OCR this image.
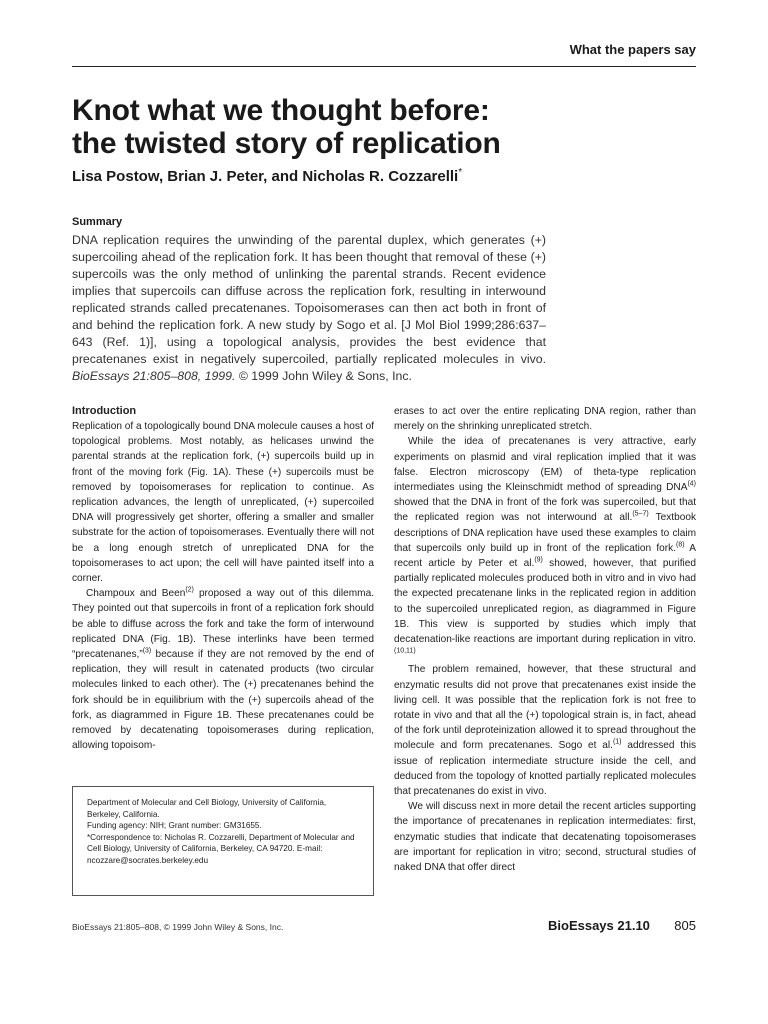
What the papers say
Knot what we thought before:
the twisted story of replication
Lisa Postow, Brian J. Peter, and Nicholas R. Cozzarelli*
Summary

DNA replication requires the unwinding of the parental duplex, which generates (+) supercoiling ahead of the replication fork. It has been thought that removal of these (+) supercoils was the only method of unlinking the parental strands. Recent evidence implies that supercoils can diffuse across the replication fork, resulting in interwound replicated strands called precatenanes. Topoisomerases can then act both in front of and behind the replication fork. A new study by Sogo et al. [J Mol Biol 1999;286:637–643 (Ref. 1)], using a topological analysis, provides the best evidence that precatenanes exist in negatively supercoiled, partially replicated molecules in vivo. BioEssays 21:805–808, 1999. © 1999 John Wiley & Sons, Inc.

Introduction

Replication of a topologically bound DNA molecule causes a host of topological problems. Most notably, as helicases unwind the parental strands at the replication fork, (+) supercoils build up in front of the moving fork (Fig. 1A). These (+) supercoils must be removed by topoisomerases for replication to continue. As replication advances, the length of unreplicated, (+) supercoiled DNA will progressively get shorter, offering a smaller and smaller substrate for the action of topoisomerases. Eventually there will not be a long enough stretch of unreplicated DNA for the topoisomerases to act upon; the cell will have painted itself into a corner.

Champoux and Been$^{(2)}$ proposed a way out of this dilemma. They pointed out that supercoils in front of a replication fork should be able to diffuse across the fork and take the form of interwound replicated DNA (Fig. 1B). These interlinks have been termed “precatenanes,”$^{(3)}$ because if they are not removed by the end of replication, they will result in catenated products (two circular molecules linked to each other). The (+) precatenanes behind the fork should be in equilibrium with the (+) supercoils ahead of the fork, as diagrammed in Figure 1B. These precatenanes could be removed by decatenating topoisomerases during replication, allowing topoisom-

Department of Molecular and Cell Biology, University of California, Berkeley, California.
Funding agency: NIH; Grant number: GM31655.
*Correspondence to: Nicholas R. Cozzarelli, Department of Molecular and Cell Biology, University of California, Berkeley, CA 94720. E-mail: ncozzare@socrates.berkeley.edu

erases to act over the entire replicating DNA region, rather than merely on the shrinking unreplicated stretch.

While the idea of precatenanes is very attractive, early experiments on plasmid and viral replication implied that it was false. Electron microscopy (EM) of theta-type replication intermediates using the Kleinschmidt method of spreading DNA$^{(4)}$ showed that the DNA in front of the fork was supercoiled, but that the replicated region was not interwound at all.$^{(5-7)}$ Textbook descriptions of DNA replication have used these examples to claim that supercoils only build up in front of the replication fork.$^{(8)}$ A recent article by Peter et al.$^{(9)}$ showed, however, that purified partially replicated molecules produced both in vitro and in vivo had the expected precatenane links in the replicated region in addition to the supercoiled unreplicated region, as diagrammed in Figure 1B. This view is supported by studies which imply that decatenation-like reactions are important during replication in vitro.$^{(10,11)}$

The problem remained, however, that these structural and enzymatic results did not prove that precatenanes exist inside the living cell. It was possible that the replication fork is not free to rotate in vivo and that all the (+) topological strain is, in fact, ahead of the fork until deproteinization allowed it to spread throughout the molecule and form precatenanes. Sogo et al.$^{(1)}$ addressed this issue of replication intermediate structure inside the cell, and deduced from the topology of knotted partially replicated molecules that precatenanes do exist in vivo.

We will discuss next in more detail the recent articles supporting the importance of precatenanes in replication intermediates: first, enzymatic studies that indicate that decatenating topoisomerases are important for replication in vitro; second, structural studies of naked DNA that offer direct

BioEssays 21:805–808, © 1999 John Wiley & Sons, Inc.	BioEssays 21.10 805
